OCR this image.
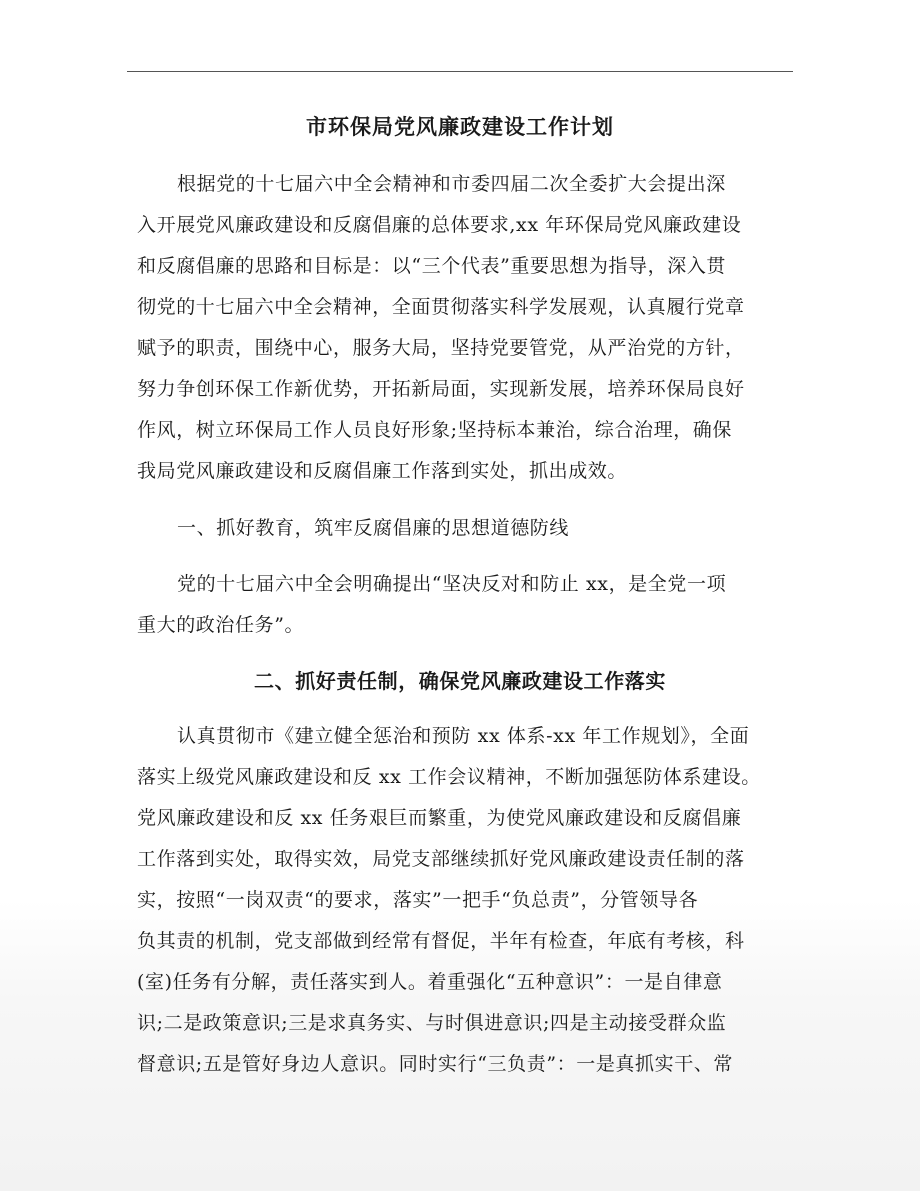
市环保局党风廉政建设工作计划
根据党的十七届六中全会精神和市委四届二次全委扩大会提出深
入开展党风廉政建设和反腐倡廉的总体要求,xx 年环保局党风廉政建设
和反腐倡廉的思路和目标是：以“三个代表”重要思想为指导，深入贯
彻党的十七届六中全会精神，全面贯彻落实科学发展观，认真履行党章
赋予的职责，围绕中心，服务大局，坚持党要管党，从严治党的方针，
努力争创环保工作新优势，开拓新局面，实现新发展，培养环保局良好
作风，树立环保局工作人员良好形象;坚持标本兼治，综合治理，确保
我局党风廉政建设和反腐倡廉工作落到实处，抓出成效。
一、抓好教育，筑牢反腐倡廉的思想道德防线
党的十七届六中全会明确提出“坚决反对和防止 xx，是全党一项
重大的政治任务”。
二、抓好责任制，确保党风廉政建设工作落实
认真贯彻市《建立健全惩治和预防 xx 体系-xx 年工作规划》，全面
落实上级党风廉政建设和反 xx 工作会议精神，不断加强惩防体系建设。
党风廉政建设和反 xx 任务艰巨而繁重，为使党风廉政建设和反腐倡廉
工作落到实处，取得实效，局党支部继续抓好党风廉政建设责任制的落
实，按照“一岗双责“的要求，落实”一把手“负总责”，分管领导各
负其责的机制，党支部做到经常有督促，半年有检查，年底有考核，科
(室)任务有分解，责任落实到人。着重强化“五种意识”：一是自律意
识;二是政策意识;三是求真务实、与时俱进意识;四是主动接受群众监
督意识;五是管好身边人意识。同时实行“三负责”：一是真抓实干、常
